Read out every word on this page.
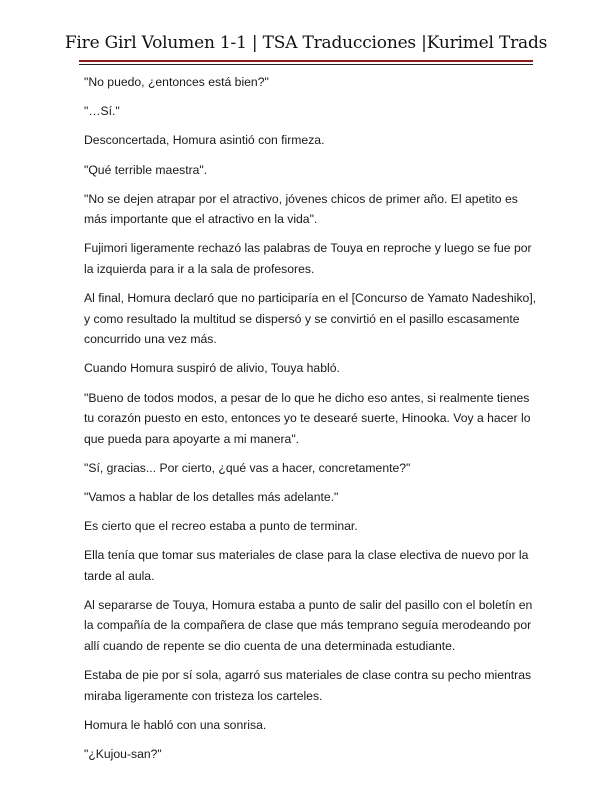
Fire Girl Volumen 1-1 | TSA Traducciones |Kurimel Trads

"No puedo, ¿entonces está bien?"

"…Sí."

Desconcertada, Homura asintió con firmeza.

"Qué terrible maestra".

"No se dejen atrapar por el atractivo, jóvenes chicos de primer año. El apetito es más importante que el atractivo en la vida".

Fujimori ligeramente rechazó las palabras de Touya en reproche y luego se fue por la izquierda para ir a la sala de profesores.

Al final, Homura declaró que no participaría en el [Concurso de Yamato Nadeshiko], y como resultado la multitud se dispersó y se convirtió en el pasillo escasamente concurrido una vez más.

Cuando Homura suspiró de alivio, Touya habló.

"Bueno de todos modos, a pesar de lo que he dicho eso antes, si realmente tienes tu corazón puesto en esto, entonces yo te desearé suerte, Hinooka. Voy a hacer lo que pueda para apoyarte a mi manera".

"Sí, gracias... Por cierto, ¿qué vas a hacer, concretamente?"

"Vamos a hablar de los detalles más adelante."

Es cierto que el recreo estaba a punto de terminar.

Ella tenía que tomar sus materiales de clase para la clase electiva de nuevo por la tarde al aula.

Al separarse de Touya, Homura estaba a punto de salir del pasillo con el boletín en la compañía de la compañera de clase que más temprano seguía merodeando por allí cuando de repente se dio cuenta de una determinada estudiante.

Estaba de pie por sí sola, agarró sus materiales de clase contra su pecho mientras miraba ligeramente con tristeza los carteles.

Homura le habló con una sonrisa.

"¿Kujou-san?"
